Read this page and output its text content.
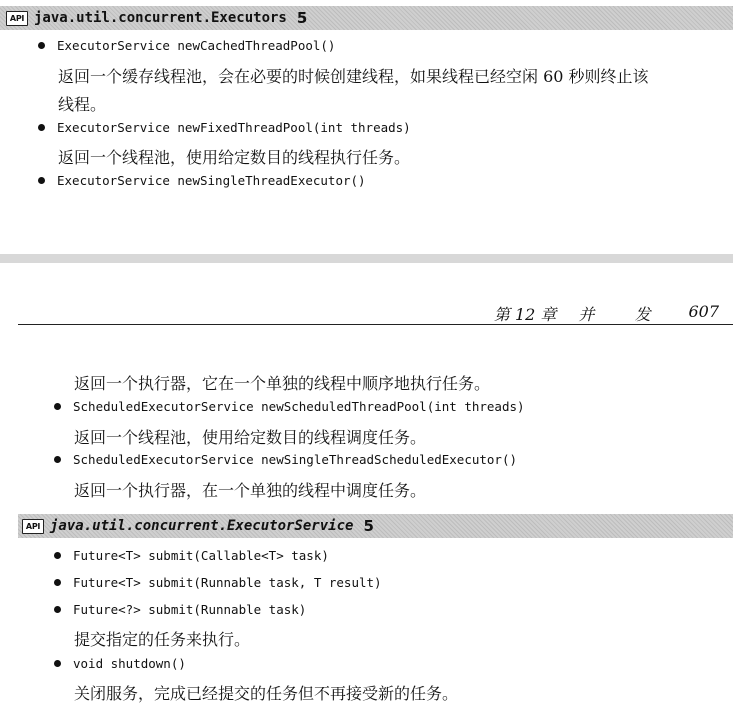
API java.util.concurrent.Executors 5
ExecutorService newCachedThreadPool()
返回一个缓存线程池，会在必要的时候创建线程，如果线程已经空闲 60 秒则终止该
线程。
ExecutorService newFixedThreadPool(int threads)
返回一个线程池，使用给定数目的线程执行任务。
ExecutorService newSingleThreadExecutor()
第 12 章 并	发 607
返回一个执行器，它在一个单独的线程中顺序地执行任务。
ScheduledExecutorService newScheduledThreadPool(int threads)
返回一个线程池，使用给定数目的线程调度任务。
ScheduledExecutorService newSingleThreadScheduledExecutor()
返回一个执行器，在一个单独的线程中调度任务。
API java.util.concurrent.ExecutorService 5
Future<T> submit(Callable<T> task)
Future<T> submit(Runnable task, T result)
Future<?> submit(Runnable task)
提交指定的任务来执行。
void shutdown()
关闭服务，完成已经提交的任务但不再接受新的任务。
